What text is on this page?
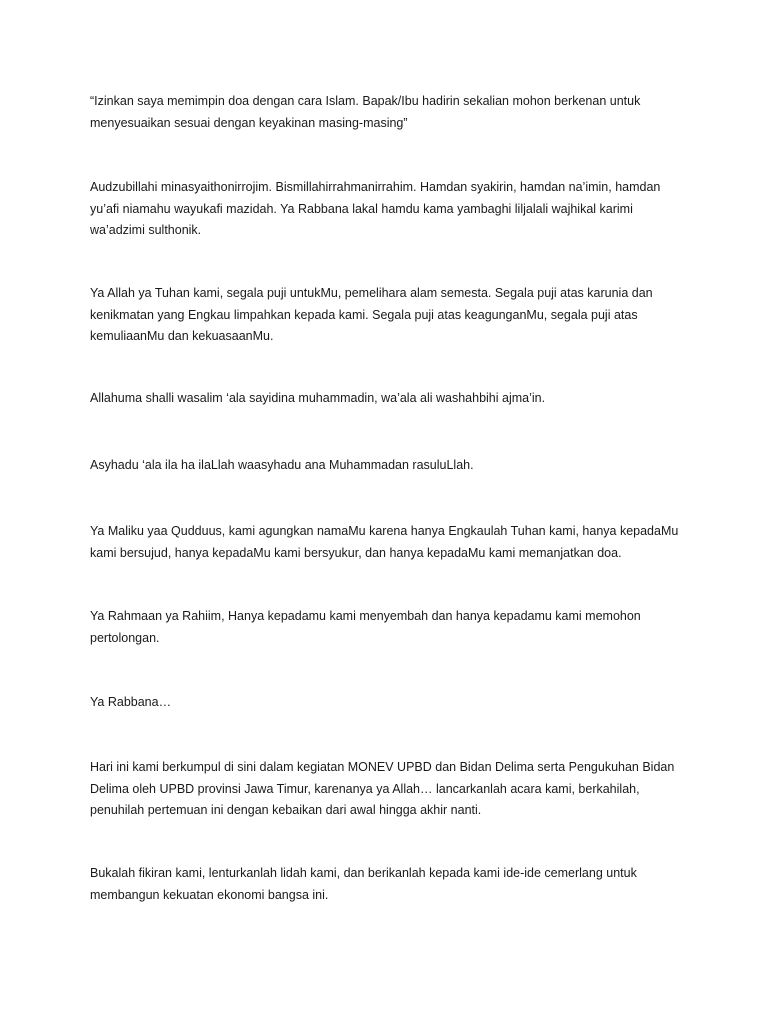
“Izinkan saya memimpin doa dengan cara Islam. Bapak/Ibu hadirin sekalian mohon berkenan untuk
menyesuaikan sesuai dengan keyakinan masing-masing”

Audzubillahi minasyaithonirrojim. Bismillahirrahmanirrahim. Hamdan syakirin, hamdan na’imin, hamdan
yu’afi niamahu wayukafi mazidah. Ya Rabbana lakal hamdu kama yambaghi liljalali wajhikal karimi
wa’adzimi sulthonik.

Ya Allah ya Tuhan kami, segala puji untukMu, pemelihara alam semesta. Segala puji atas karunia dan
kenikmatan yang Engkau limpahkan kepada kami. Segala puji atas keagunganMu, segala puji atas
kemuliaanMu dan kekuasaanMu.

Allahuma shalli wasalim ‘ala sayidina muhammadin, wa’ala ali washahbihi ajma’in.

Asyhadu ‘ala ila ha ilaLlah waasyhadu ana Muhammadan rasuluLlah.

Ya Maliku yaa Qudduus, kami agungkan namaMu karena hanya Engkaulah Tuhan kami, hanya kepadaMu
kami bersujud, hanya kepadaMu kami bersyukur, dan hanya kepadaMu kami memanjatkan doa.

Ya Rahmaan ya Rahiim, Hanya kepadamu kami menyembah dan hanya kepadamu kami memohon
pertolongan.

Ya Rabbana…

Hari ini kami berkumpul di sini dalam kegiatan MONEV UPBD dan Bidan Delima serta Pengukuhan Bidan
Delima oleh UPBD provinsi Jawa Timur, karenanya ya Allah… lancarkanlah acara kami, berkahilah,
penuhilah pertemuan ini dengan kebaikan dari awal hingga akhir nanti.

Bukalah fikiran kami, lenturkanlah lidah kami, dan berikanlah kepada kami ide-ide cemerlang untuk
membangun kekuatan ekonomi bangsa ini.
